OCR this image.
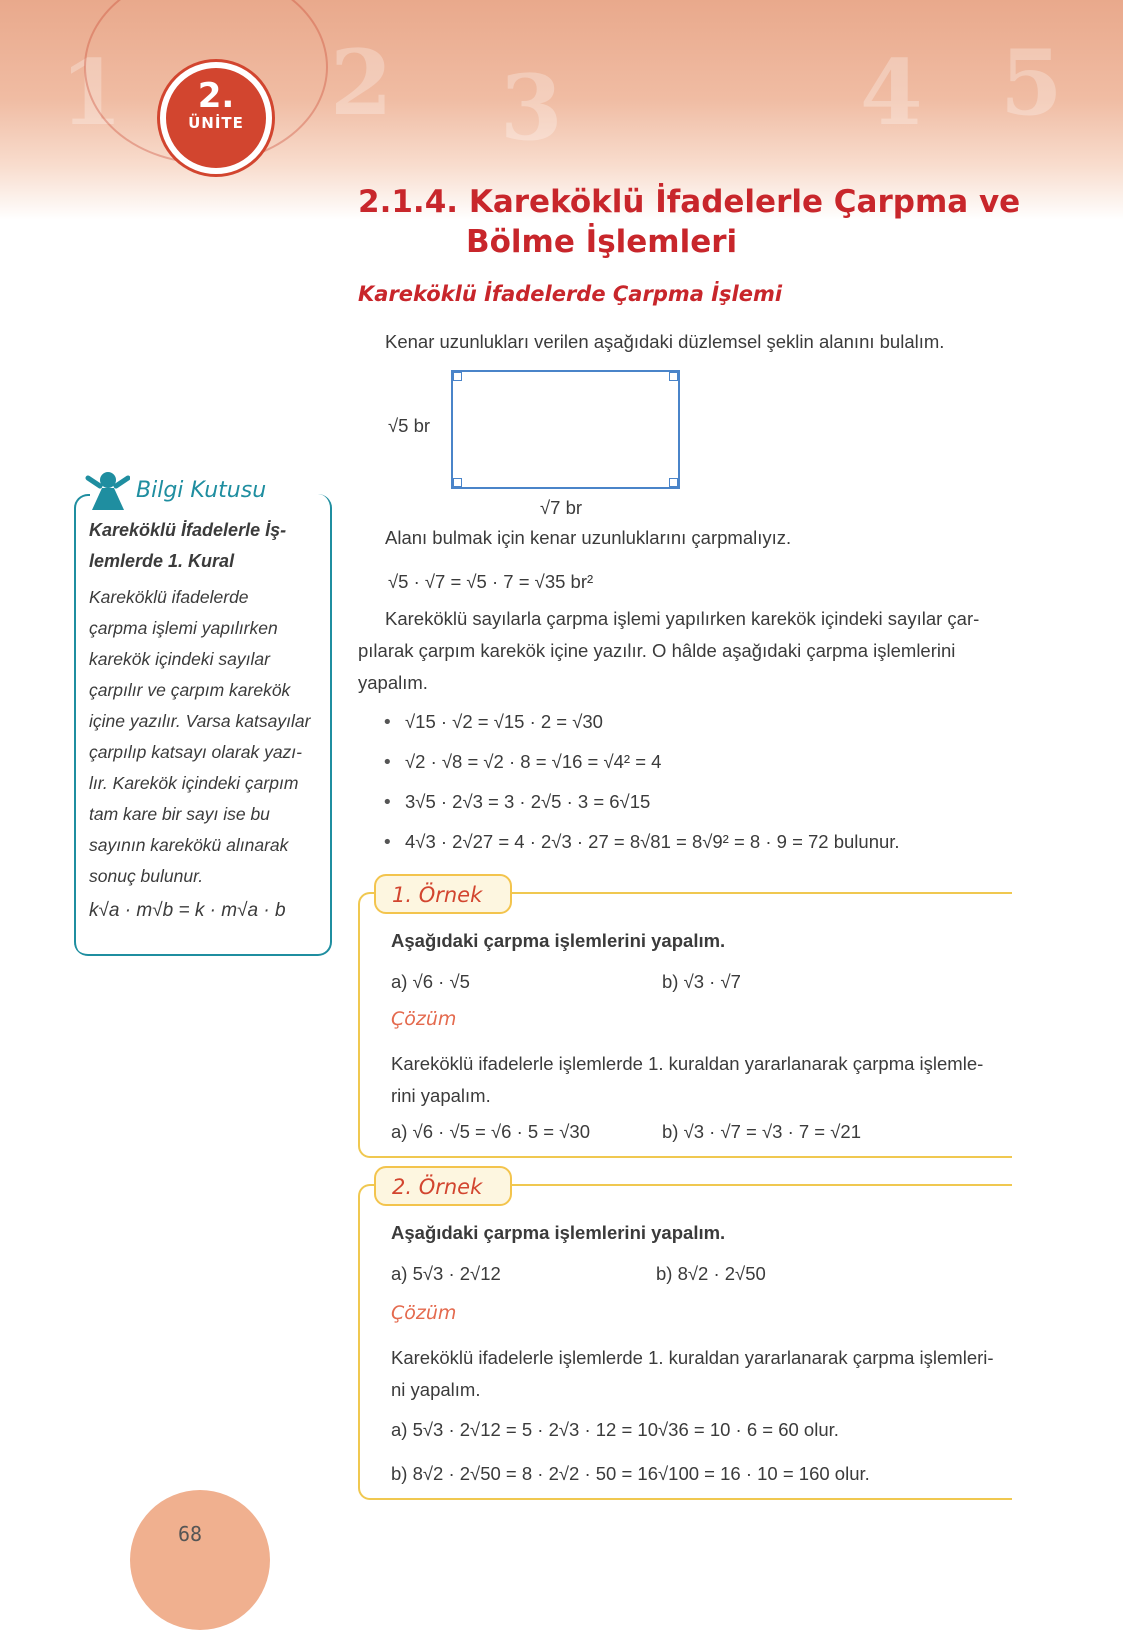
1 2 3	4 5
2.
ÜNİTE
2.1.4. Kareköklü İfadelerle Çarpma ve
Bölme İşlemleri
Kareköklü İfadelerde Çarpma İşlemi
Kenar uzunlukları verilen aşağıdaki düzlemsel şeklin alanını bulalım.
√5 br
√7 br
Alanı bulmak için kenar uzunluklarını çarpmalıyız.
√5 · √7 = √5 · 7 = √35 br²
Kareköklü sayılarla çarpma işlemi yapılırken karekök içindeki sayılar çar-
pılarak çarpım karekök içine yazılır. O hâlde aşağıdaki çarpma işlemlerini
yapalım.
• √15 · √2 = √15 · 2 = √30
• √2 · √8 = √2 · 8 = √16 = √4² = 4
• 3√5 · 2√3 = 3 · 2√5 · 3 = 6√15
• 4√3 · 2√27 = 4 · 2√3 · 27 = 8√81 = 8√9² = 8 · 9 = 72 bulunur.
Bilgi Kutusu
Kareköklü İfadelerle İş-lemlerde 1. Kural
Kareköklü ifadelerde
çarpma işlemi yapılırken
karekök içindeki sayılar
çarpılır ve çarpım karekök
içine yazılır. Varsa katsayılar
çarpılıp katsayı olarak yazı-
lır. Karekök içindeki çarpım
tam kare bir sayı ise bu
sayının karekökü alınarak
sonuç bulunur.
k√a · m√b = k · m√a · b
1. Örnek
Aşağıdaki çarpma işlemlerini yapalım.
a) √6 · √5	b) √3 · √7
Çözüm
Kareköklü ifadelerle işlemlerde 1. kuraldan yararlanarak çarpma işlemle-
rini yapalım.
a) √6 · √5 = √6 · 5 = √30	b) √3 · √7 = √3 · 7 = √21
2. Örnek
Aşağıdaki çarpma işlemlerini yapalım.
a) 5√3 · 2√12	b) 8√2 · 2√50
Çözüm
Kareköklü ifadelerle işlemlerde 1. kuraldan yararlanarak çarpma işlemleri-
ni yapalım.
a) 5√3 · 2√12 = 5 · 2√3 · 12 = 10√36 = 10 · 6 = 60 olur.
b) 8√2 · 2√50 = 8 · 2√2 · 50 = 16√100 = 16 · 10 = 160 olur.
68
